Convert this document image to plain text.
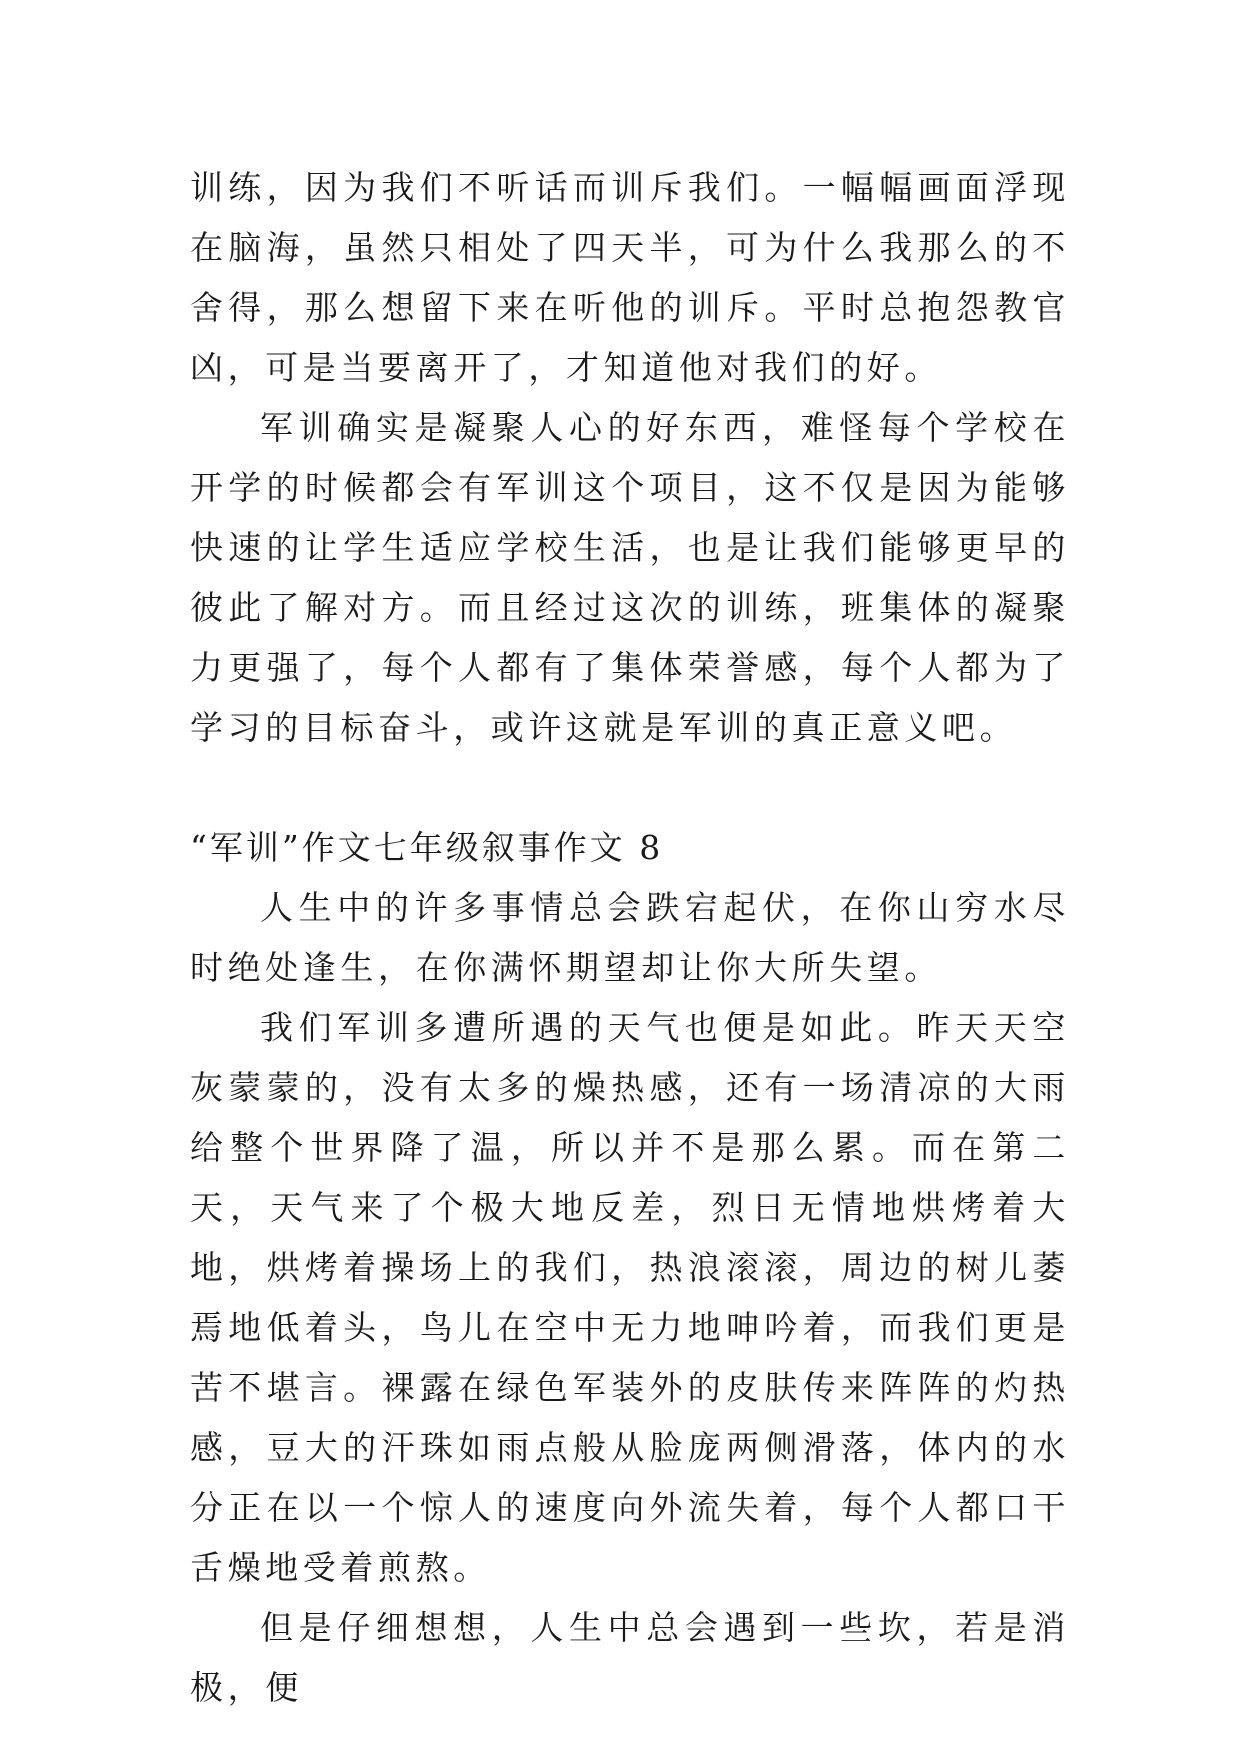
训练，因为我们不听话而训斥我们。一幅幅画面浮现在脑海，虽然只相处了四天半，可为什么我那么的不舍得，那么想留下来在听他的训斥。平时总抱怨教官凶，可是当要离开了，才知道他对我们的好。

军训确实是凝聚人心的好东西，难怪每个学校在开学的时候都会有军训这个项目，这不仅是因为能够快速的让学生适应学校生活，也是让我们能够更早的彼此了解对方。而且经过这次的训练，班集体的凝聚力更强了，每个人都有了集体荣誉感，每个人都为了学习的目标奋斗，或许这就是军训的真正意义吧。

“军训”作文七年级叙事作文 8

人生中的许多事情总会跌宕起伏，在你山穷水尽时绝处逢生，在你满怀期望却让你大所失望。

我们军训多遭所遇的天气也便是如此。昨天天空灰蒙蒙的，没有太多的燥热感，还有一场清凉的大雨给整个世界降了温，所以并不是那么累。而在第二天，天气来了个极大地反差，烈日无情地烘烤着大地，烘烤着操场上的我们，热浪滚滚，周边的树儿萎焉地低着头，鸟儿在空中无力地呻吟着，而我们更是苦不堪言。裸露在绿色军装外的皮肤传来阵阵的灼热感，豆大的汗珠如雨点般从脸庞两侧滑落，体内的水分正在以一个惊人的速度向外流失着，每个人都口干舌燥地受着煎熬。

但是仔细想想，人生中总会遇到一些坎，若是消极，便
